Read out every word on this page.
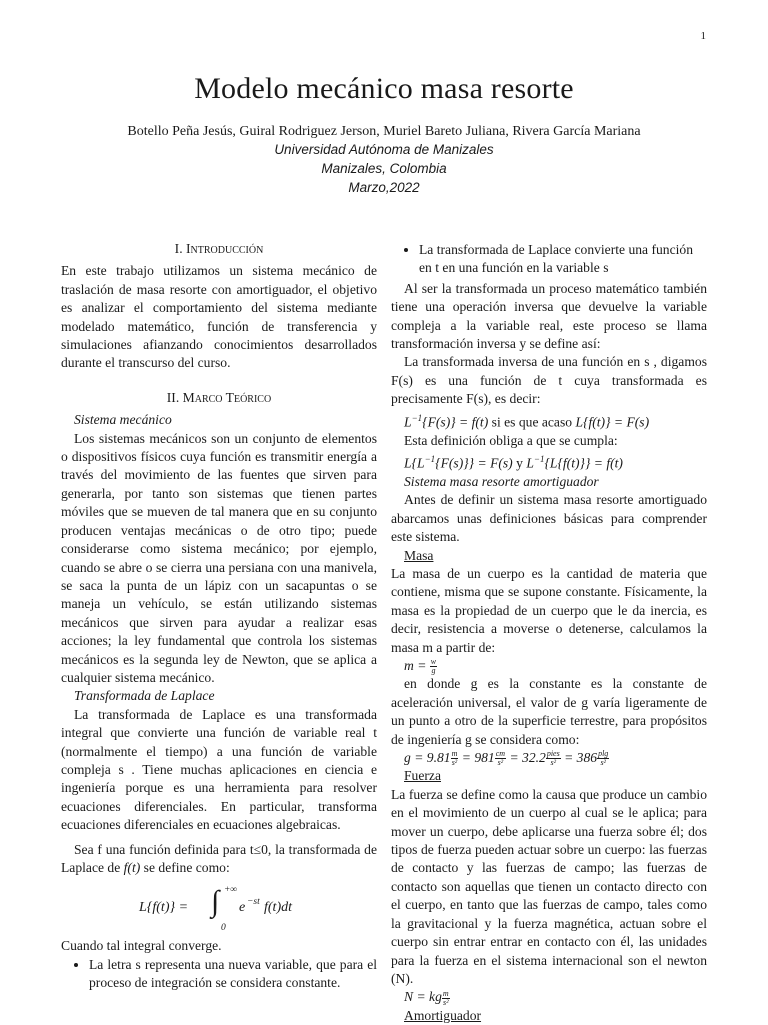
1
Modelo mecánico masa resorte
Botello Peña Jesús, Guiral Rodriguez Jerson, Muriel Bareto Juliana, Rivera García Mariana
Universidad Autónoma de Manizales
Manizales, Colombia
Marzo,2022
I. Introducción

En este trabajo utilizamos un sistema mecánico de traslación de masa resorte con amortiguador, el objetivo es analizar el comportamiento del sistema mediante modelado matemático, función de transferencia y simulaciones afianzando conocimientos desarrollados durante el transcurso del curso.

II. Marco Teórico
Sistema mecánico

Los sistemas mecánicos son un conjunto de elementos o dispositivos físicos cuya función es transmitir energía a través del movimiento de las fuentes que sirven para generarla, por tanto son sistemas que tienen partes móviles que se mueven de tal manera que en su conjunto producen ventajas mecánicas o de otro tipo; puede considerarse como sistema mecánico; por ejemplo, cuando se abre o se cierra una persiana con una manivela, se saca la punta de un lápiz con un sacapuntas o se maneja un vehículo, se están utilizando sistemas mecánicos que sirven para ayudar a realizar esas acciones; la ley fundamental que controla los sistemas mecánicos es la segunda ley de Newton, que se aplica a cualquier sistema mecánico.

Transformada de Laplace

La transformada de Laplace es una transformada integral que convierte una función de variable real t (normalmente el tiempo) a una función de variable compleja s . Tiene muchas aplicaciones en ciencia e ingeniería porque es una herramienta para resolver ecuaciones diferenciales. En particular, transforma ecuaciones diferenciales en ecuaciones algebraicas.

Sea f una función definida para t≤0, la transformada de Laplace de f(t) se define como:

L{f(t)} = ∫ +∞
0
e −st f(t)dt

Cuando tal integral converge.

• La letra s representa una nueva variable, que para el proceso de integración se considera constante.
• La transformada de Laplace convierte una función en t en una función en la variable s

Al ser la transformada un proceso matemático también tiene una operación inversa que devuelve la variable compleja a la variable real, este proceso se llama transformación inversa y se define así:

La transformada inversa de una función en s , digamos F(s) es una función de t cuya transformada es precisamente F(s), es decir:

$L^{-1}\{F(s)\} = f(t)$ si es que acaso L{f(t)} = F(s)
Esta definición obliga a que se cumpla:
$L\{L^{-1}\{F(s)\}\} = F(s)$ y $L^{-1}\{L\{f(t)\}\} = f(t)$
Sistema masa resorte amortiguador

Antes de definir un sistema masa resorte amortiguado abarcamos unas definiciones básicas para comprender este sistema.

Masa

La masa de un cuerpo es la cantidad de materia que contiene, misma que se supone constante. Físicamente, la masa es la propiedad de un cuerpo que le da inercia, es decir, resistencia a moverse o detenerse, calculamos la masa m a partir de:

$m = \frac{w}{g}$

en donde g es la constante es la constante de aceleración universal, el valor de g varía ligeramente de un punto a otro de la superficie terrestre, para propósitos de ingeniería g se considera como:

$g = 9.81 \frac{m}{\text{s²}} = 981 \frac{cm}{\text{s²}} = 32.2 \frac{\text{pies}}{\text{s²}} = 386 \frac{plg}{\text{s²}}$
Fuerza

La fuerza se define como la causa que produce un cambio en el movimiento de un cuerpo al cual se le aplica; para mover un cuerpo, debe aplicarse una fuerza sobre él; dos tipos de fuerza pueden actuar sobre un cuerpo: las fuerzas de contacto y las fuerzas de campo; las fuerzas de contacto son aquellas que tienen un contacto directo con el cuerpo, en tanto que las fuerzas de campo, tales como la gravitacional y la fuerza magnética, actuan sobre el cuerpo sin entrar entrar en contacto con él, las unidades para la fuerza en el sistema internacional son el newton (N).

N = kg $\frac{m}{\text{s²}}$
Amortiguador
